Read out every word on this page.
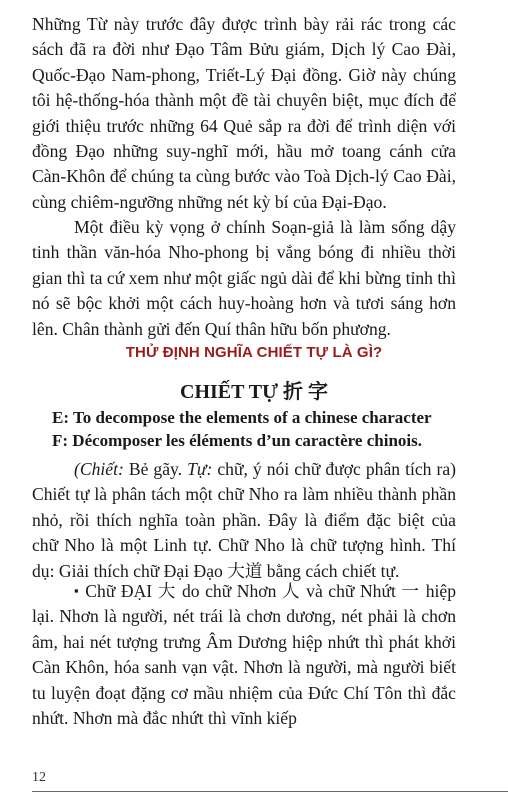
Những Từ này trước đây được trình bày rải rác trong các sách đã ra đời như Đạo Tâm Bửu giám, Dịch lý Cao Đài, Quốc-Đạo Nam-phong, Triết-Lý Đại đồng. Giờ này chúng tôi hệ-thống-hóa thành một đề tài chuyên biệt, mục đích để giới thiệu trước những 64 Quẻ sắp ra đời để trình diện với đồng Đạo những suy-nghĩ mới, hầu mở toang cánh cửa Càn-Khôn để chúng ta cùng bước vào Toà Dịch-lý Cao Đài, cùng chiêm-ngưỡng những nét kỳ bí của Đại-Đạo.

Một điều kỳ vọng ở chính Soạn-giả là làm sống dậy tinh thần văn-hóa Nho-phong bị vắng bóng đi nhiều thời gian thì ta cứ xem như một giấc ngủ dài để khi bừng tỉnh thì nó sẽ bộc khởi một cách huy-hoàng hơn và tươi sáng hơn lên. Chân thành gửi đến Quí thân hữu bốn phương.

THỬ ĐỊNH NGHĨA CHIẾT TỰ LÀ GÌ?
CHIẾT TỰ 折 字
E: To decompose the elements of a chinese character
F: Décomposer les éléments d’un caractère chinois.

(Chiết: Bẻ gãy. Tự: chữ, ý nói chữ được phân tích ra) Chiết tự là phân tách một chữ Nho ra làm nhiều thành phần nhỏ, rồi thích nghĩa toàn phần. Đây là điểm đặc biệt của chữ Nho là một Linh tự. Chữ Nho là chữ tượng hình. Thí dụ: Giải thích chữ Đại Đạo 大道 bằng cách chiết tự.

▪ Chữ ĐẠI 大 do chữ Nhơn 人 và chữ Nhứt 一 hiệp lại. Nhơn là người, nét trái là chơn dương, nét phải là chơn âm, hai nét tượng trưng Âm Dương hiệp nhứt thì phát khởi Càn Khôn, hóa sanh vạn vật. Nhơn là người, mà người biết tu luyện đoạt đặng cơ mầu nhiệm của Đức Chí Tôn thì đắc nhứt. Nhơn mà đắc nhứt thì vĩnh kiếp

12
